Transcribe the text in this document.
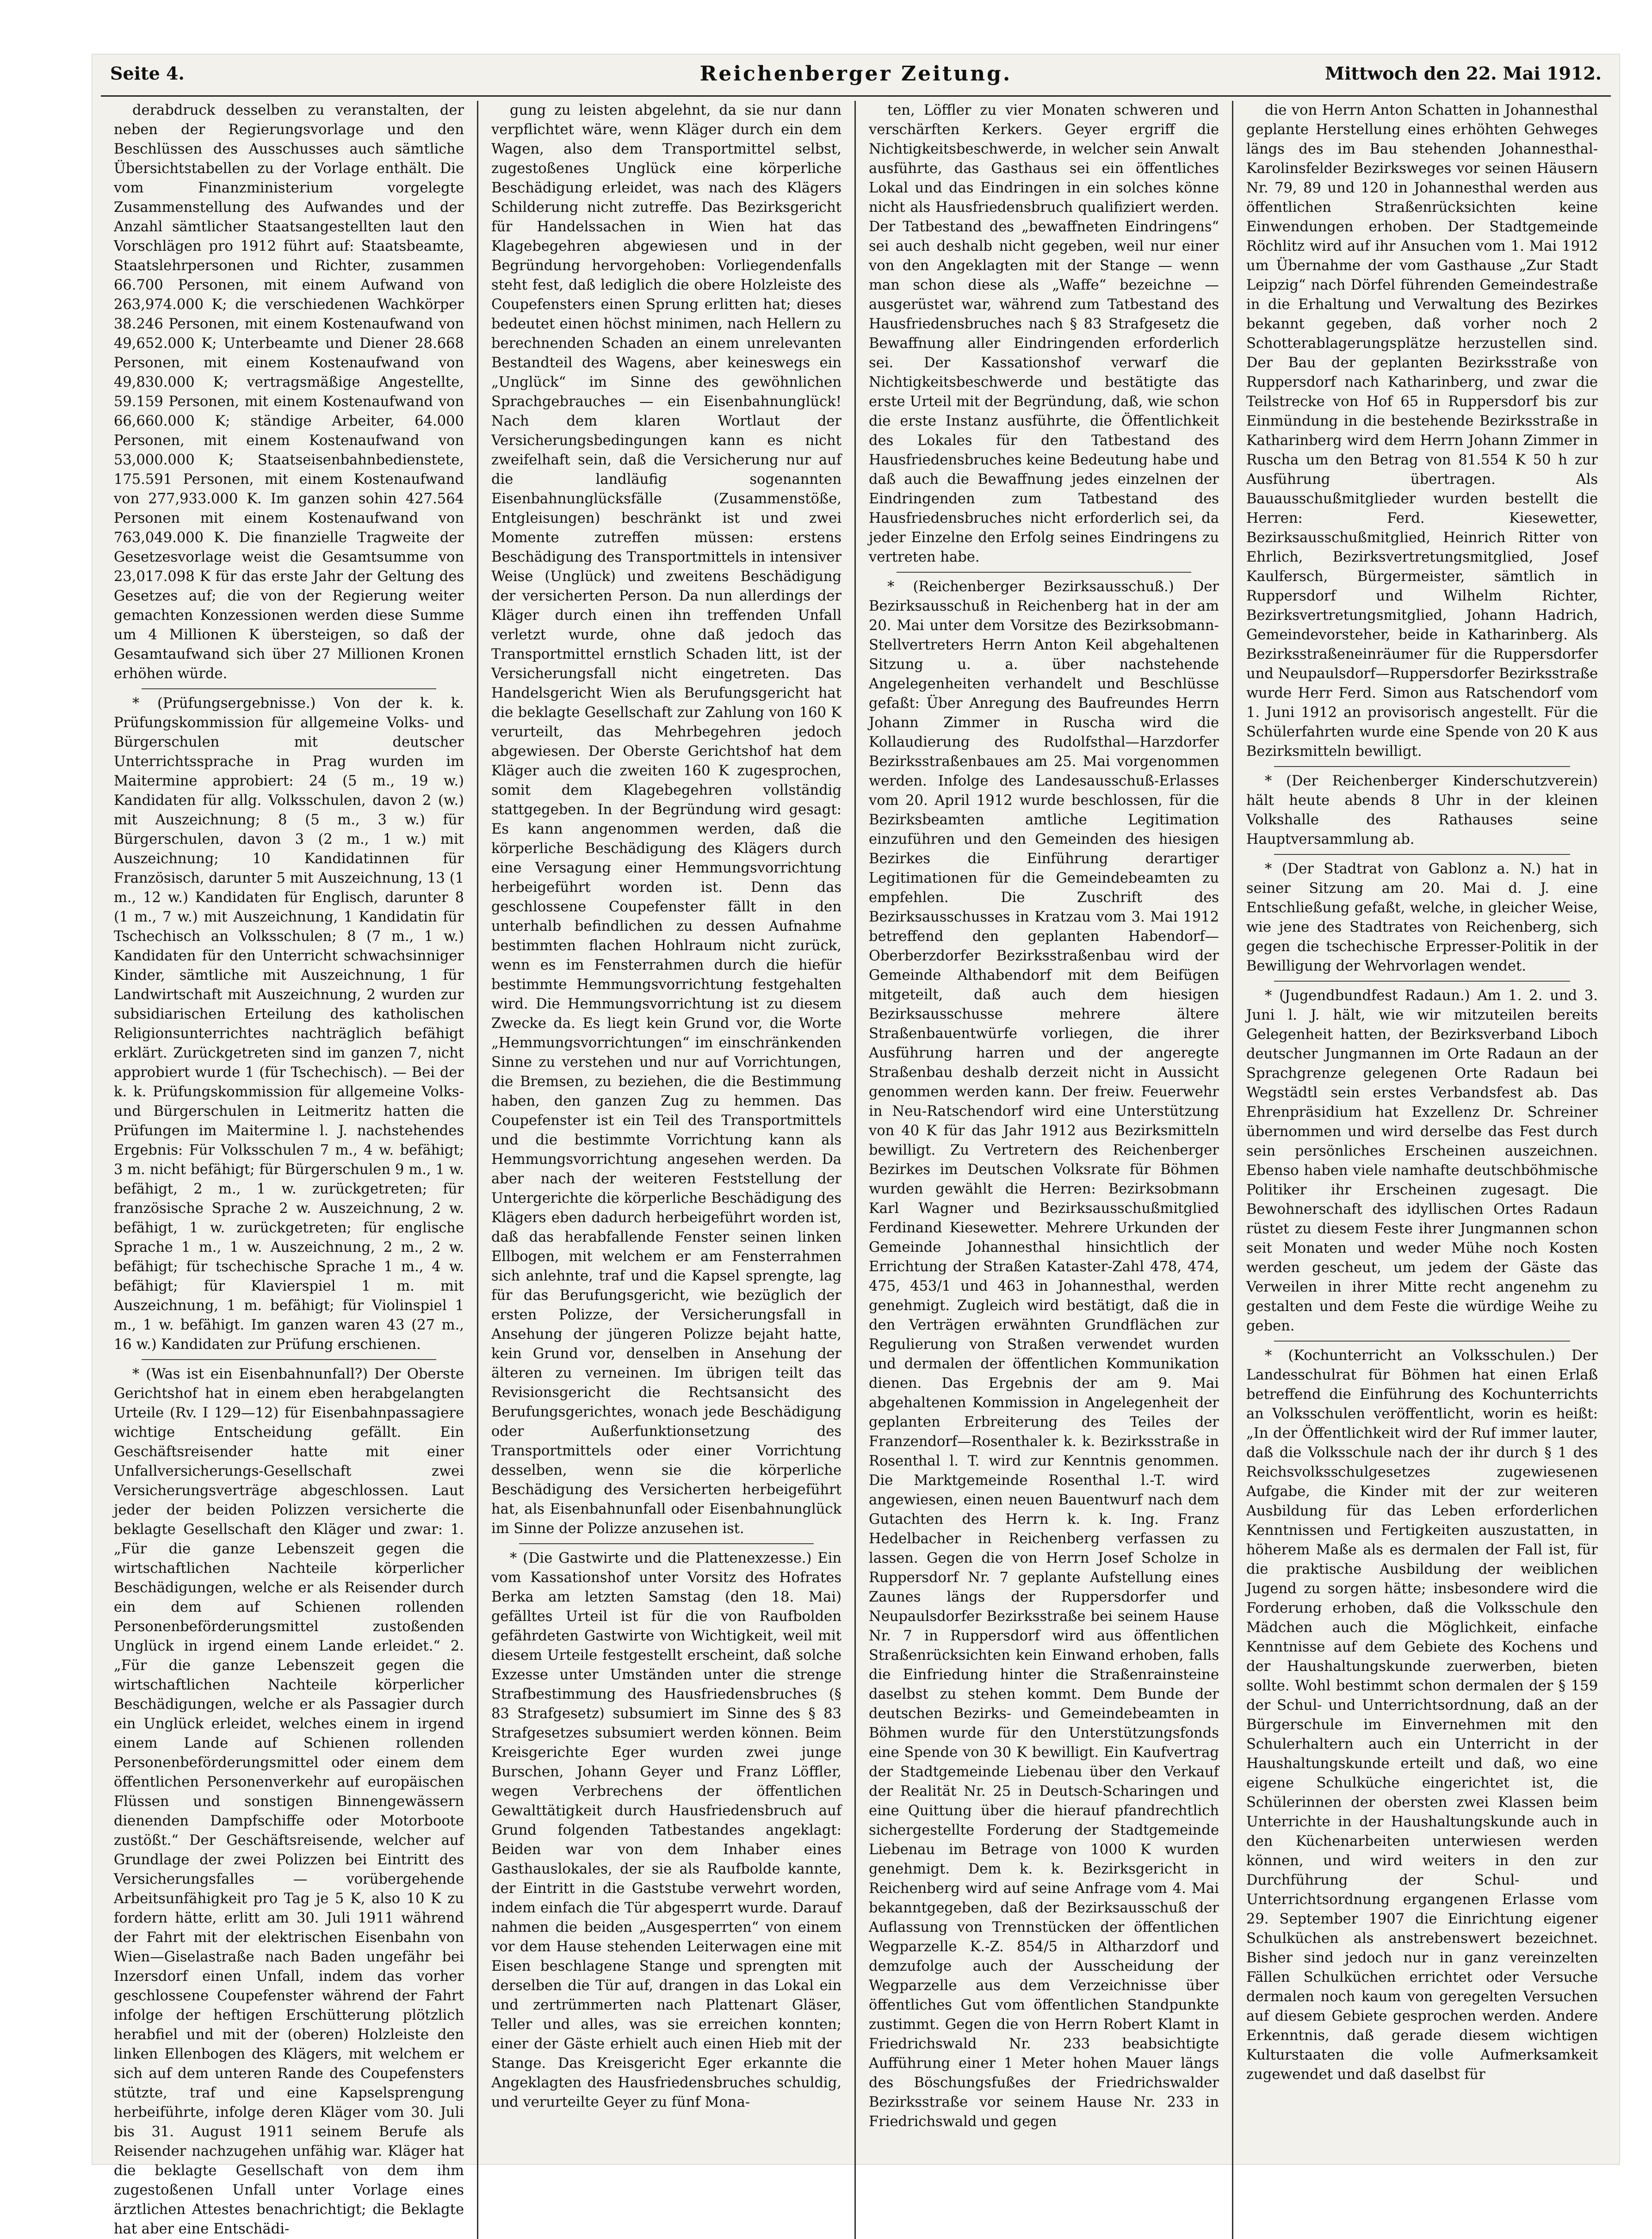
Seite 4.	Reichenberger Zeitung.	Mittwoch den 22. Mai 1912.

derabdruck desselben zu veranstalten, der neben der Regierungsvorlage und den Beschlüssen des Ausschusses auch sämtliche Übersichtstabellen zu der Vorlage enthält. Die vom Finanzministerium vorgelegte Zusammenstellung des Aufwandes und der Anzahl sämtlicher Staatsangestellten laut den Vorschlägen pro 1912 führt auf: Staatsbeamte, Staatslehrpersonen und Richter, zusammen 66.700 Personen, mit einem Aufwand von 263,974.000 K; die verschiedenen Wachkörper 38.246 Personen, mit einem Kostenaufwand von 49,652.000 K; Unterbeamte und Diener 28.668 Personen, mit einem Kostenaufwand von 49,830.000 K; vertragsmäßige Angestellte, 59.159 Personen, mit einem Kostenaufwand von 66,660.000 K; ständige Arbeiter, 64.000 Personen, mit einem Kostenaufwand von 53,000.000 K; Staatseisenbahnbedienstete, 175.591 Personen, mit einem Kostenaufwand von 277,933.000 K. Im ganzen sohin 427.564 Personen mit einem Kostenaufwand von 763,049.000 K. Die finanzielle Tragweite der Gesetzesvorlage weist die Gesamtsumme von 23,017.098 K für das erste Jahr der Geltung des Gesetzes auf; die von der Regierung weiter gemachten Konzessionen werden diese Summe um 4 Millionen K übersteigen, so daß der Gesamtaufwand sich über 27 Millionen Kronen erhöhen würde.

* (Prüfungsergebnisse.) Von der k. k. Prüfungskommission für allgemeine Volks- und Bürgerschulen mit deutscher Unterrichtssprache in Prag wurden im Maitermine approbiert: 24 (5 m., 19 w.) Kandidaten für allg. Volksschulen, davon 2 (w.) mit Auszeichnung; 8 (5 m., 3 w.) für Bürgerschulen, davon 3 (2 m., 1 w.) mit Auszeichnung; 10 Kandidatinnen für Französisch, darunter 5 mit Auszeichnung, 13 (1 m., 12 w.) Kandidaten für Englisch, darunter 8 (1 m., 7 w.) mit Auszeichnung, 1 Kandidatin für Tschechisch an Volksschulen; 8 (7 m., 1 w.) Kandidaten für den Unterricht schwachsinniger Kinder, sämtliche mit Auszeichnung, 1 für Landwirtschaft mit Auszeichnung, 2 wurden zur subsidiarischen Erteilung des katholischen Religionsunterrichtes nachträglich befähigt erklärt. Zurückgetreten sind im ganzen 7, nicht approbiert wurde 1 (für Tschechisch). — Bei der k. k. Prüfungskommission für allgemeine Volks- und Bürgerschulen in Leitmeritz hatten die Prüfungen im Maitermine l. J. nachstehendes Ergebnis: Für Volksschulen 7 m., 4 w. befähigt; 3 m. nicht befähigt; für Bürgerschulen 9 m., 1 w. befähigt, 2 m., 1 w. zurückgetreten; für französische Sprache 2 w. Auszeichnung, 2 w. befähigt, 1 w. zurückgetreten; für englische Sprache 1 m., 1 w. Auszeichnung, 2 m., 2 w. befähigt; für tschechische Sprache 1 m., 4 w. befähigt; für Klavierspiel 1 m. mit Auszeichnung, 1 m. befähigt; für Violinspiel 1 m., 1 w. befähigt. Im ganzen waren 43 (27 m., 16 w.) Kandidaten zur Prüfung erschienen.

* (Was ist ein Eisenbahnunfall?) Der Oberste Gerichtshof hat in einem eben herabgelangten Urteile (Rv. I 129—12) für Eisenbahnpassagiere wichtige Entscheidung gefällt. Ein Geschäftsreisender hatte mit einer Unfallversicherungs-Gesellschaft zwei Versicherungsverträge abgeschlossen. Laut jeder der beiden Polizzen versicherte die beklagte Gesellschaft den Kläger und zwar: 1. „Für die ganze Lebenszeit gegen die wirtschaftlichen Nachteile körperlicher Beschädigungen, welche er als Reisender durch ein dem auf Schienen rollenden Personenbeförderungsmittel zustoßenden Unglück in irgend einem Lande erleidet.“ 2. „Für die ganze Lebenszeit gegen die wirtschaftlichen Nachteile körperlicher Beschädigungen, welche er als Passagier durch ein Unglück erleidet, welches einem in irgend einem Lande auf Schienen rollenden Personenbeförderungsmittel oder einem dem öffentlichen Personenverkehr auf europäischen Flüssen und sonstigen Binnengewässern dienenden Dampfschiffe oder Motorboote zustößt.“ Der Geschäftsreisende, welcher auf Grundlage der zwei Polizzen bei Eintritt des Versicherungsfalles — vorübergehende Arbeitsunfähigkeit pro Tag je 5 K, also 10 K zu fordern hätte, erlitt am 30. Juli 1911 während der Fahrt mit der elektrischen Eisenbahn von Wien—Giselastraße nach Baden ungefähr bei Inzersdorf einen Unfall, indem das vorher geschlossene Coupefenster während der Fahrt infolge der heftigen Erschütterung plötzlich herabfiel und mit der (oberen) Holzleiste den linken Ellenbogen des Klägers, mit welchem er sich auf dem unteren Rande des Coupefensters stützte, traf und eine Kapselsprengung herbeiführte, infolge deren Kläger vom 30. Juli bis 31. August 1911 seinem Berufe als Reisender nachzugehen unfähig war. Kläger hat die beklagte Gesellschaft von dem ihm zugestoßenen Unfall unter Vorlage eines ärztlichen Attestes benachrichtigt; die Beklagte hat aber eine Entschädi-

gung zu leisten abgelehnt, da sie nur dann verpflichtet wäre, wenn Kläger durch ein dem Wagen, also dem Transportmittel selbst, zugestoßenes Unglück eine körperliche Beschädigung erleidet, was nach des Klägers Schilderung nicht zutreffe. Das Bezirksgericht für Handelssachen in Wien hat das Klagebegehren abgewiesen und in der Begründung hervorgehoben: Vorliegendenfalls steht fest, daß lediglich die obere Holzleiste des Coupefensters einen Sprung erlitten hat; dieses bedeutet einen höchst minimen, nach Hellern zu berechnenden Schaden an einem unrelevanten Bestandteil des Wagens, aber keineswegs ein „Unglück“ im Sinne des gewöhnlichen Sprachgebrauches — ein Eisenbahnunglück! Nach dem klaren Wortlaut der Versicherungsbedingungen kann es nicht zweifelhaft sein, daß die Versicherung nur auf die landläufig sogenannten Eisenbahnunglücksfälle (Zusammenstöße, Entgleisungen) beschränkt ist und zwei Momente zutreffen müssen: erstens Beschädigung des Transportmittels in intensiver Weise (Unglück) und zweitens Beschädigung der versicherten Person. Da nun allerdings der Kläger durch einen ihn treffenden Unfall verletzt wurde, ohne daß jedoch das Transportmittel ernstlich Schaden litt, ist der Versicherungsfall nicht eingetreten. Das Handelsgericht Wien als Berufungsgericht hat die beklagte Gesellschaft zur Zahlung von 160 K verurteilt, das Mehrbegehren jedoch abgewiesen. Der Oberste Gerichtshof hat dem Kläger auch die zweiten 160 K zugesprochen, somit dem Klagebegehren vollständig stattgegeben. In der Begründung wird gesagt: Es kann angenommen werden, daß die körperliche Beschädigung des Klägers durch eine Versagung einer Hemmungsvorrichtung herbeigeführt worden ist. Denn das geschlossene Coupefenster fällt in den unterhalb befindlichen zu dessen Aufnahme bestimmten flachen Hohlraum nicht zurück, wenn es im Fensterrahmen durch die hiefür bestimmte Hemmungsvorrichtung festgehalten wird. Die Hemmungsvorrichtung ist zu diesem Zwecke da. Es liegt kein Grund vor, die Worte „Hemmungsvorrichtungen“ im einschränkenden Sinne zu verstehen und nur auf Vorrichtungen, die Bremsen, zu beziehen, die die Bestimmung haben, den ganzen Zug zu hemmen. Das Coupefenster ist ein Teil des Transportmittels und die bestimmte Vorrichtung kann als Hemmungsvorrichtung angesehen werden. Da aber nach der weiteren Feststellung der Untergerichte die körperliche Beschädigung des Klägers eben dadurch herbeigeführt worden ist, daß das herabfallende Fenster seinen linken Ellbogen, mit welchem er am Fensterrahmen sich anlehnte, traf und die Kapsel sprengte, lag für das Berufungsgericht, wie bezüglich der ersten Polizze, der Versicherungsfall in Ansehung der jüngeren Polizze bejaht hatte, kein Grund vor, denselben in Ansehung der älteren zu verneinen. Im übrigen teilt das Revisionsgericht die Rechtsansicht des Berufungsgerichtes, wonach jede Beschädigung oder Außerfunktionsetzung des Transportmittels oder einer Vorrichtung desselben, wenn sie die körperliche Beschädigung des Versicherten herbeigeführt hat, als Eisenbahnunfall oder Eisenbahnunglück im Sinne der Polizze anzusehen ist.

* (Die Gastwirte und die Plattenexzesse.) Ein vom Kassationshof unter Vorsitz des Hofrates Berka am letzten Samstag (den 18. Mai) gefälltes Urteil ist für die von Raufbolden gefährdeten Gastwirte von Wichtigkeit, weil mit diesem Urteile festgestellt erscheint, daß solche Exzesse unter Umständen unter die strenge Strafbestimmung des Hausfriedensbruches (§ 83 Strafgesetz) subsumiert im Sinne des § 83 Strafgesetzes subsumiert werden können. Beim Kreisgerichte Eger wurden zwei junge Burschen, Johann Geyer und Franz Löffler, wegen Verbrechens der öffentlichen Gewalttätigkeit durch Hausfriedensbruch auf Grund folgenden Tatbestandes angeklagt: Beiden war von dem Inhaber eines Gasthauslokales, der sie als Raufbolde kannte, der Eintritt in die Gaststube verwehrt worden, indem einfach die Tür abgesperrt wurde. Darauf nahmen die beiden „Ausgesperrten“ von einem vor dem Hause stehenden Leiterwagen eine mit Eisen beschlagene Stange und sprengten mit derselben die Tür auf, drangen in das Lokal ein und zertrümmerten nach Plattenart Gläser, Teller und alles, was sie erreichen konnten; einer der Gäste erhielt auch einen Hieb mit der Stange. Das Kreisgericht Eger erkannte die Angeklagten des Hausfriedensbruches schuldig, und verurteilte Geyer zu fünf Mona-

ten, Löffler zu vier Monaten schweren und verschärften Kerkers. Geyer ergriff die Nichtigkeitsbeschwerde, in welcher sein Anwalt ausführte, das Gasthaus sei ein öffentliches Lokal und das Eindringen in ein solches könne nicht als Hausfriedensbruch qualifiziert werden. Der Tatbestand des „bewaffneten Eindringens“ sei auch deshalb nicht gegeben, weil nur einer von den Angeklagten mit der Stange — wenn man schon diese als „Waffe“ bezeichne — ausgerüstet war, während zum Tatbestand des Hausfriedensbruches nach § 83 Strafgesetz die Bewaffnung aller Eindringenden erforderlich sei. Der Kassationshof verwarf die Nichtigkeitsbeschwerde und bestätigte das erste Urteil mit der Begründung, daß, wie schon die erste Instanz ausführte, die Öffentlichkeit des Lokales für den Tatbestand des Hausfriedensbruches keine Bedeutung habe und daß auch die Bewaffnung jedes einzelnen der Eindringenden zum Tatbestand des Hausfriedensbruches nicht erforderlich sei, da jeder Einzelne den Erfolg seines Eindringens zu vertreten habe.

* (Reichenberger Bezirksausschuß.) Der Bezirksausschuß in Reichenberg hat in der am 20. Mai unter dem Vorsitze des Bezirksobmann-Stellvertreters Herrn Anton Keil abgehaltenen Sitzung u. a. über nachstehende Angelegenheiten verhandelt und Beschlüsse gefaßt: Über Anregung des Baufreundes Herrn Johann Zimmer in Ruscha wird die Kollaudierung des Rudolfsthal—Harzdorfer Bezirksstraßenbaues am 25. Mai vorgenommen werden. Infolge des Landesausschuß-Erlasses vom 20. April 1912 wurde beschlossen, für die Bezirksbeamten amtliche Legitimation einzuführen und den Gemeinden des hiesigen Bezirkes die Einführung derartiger Legitimationen für die Gemeindebeamten zu empfehlen. Die Zuschrift des Bezirksausschusses in Kratzau vom 3. Mai 1912 betreffend den geplanten Habendorf—Oberberzdorfer Bezirksstraßenbau wird der Gemeinde Althabendorf mit dem Beifügen mitgeteilt, daß auch dem hiesigen Bezirksausschusse mehrere ältere Straßenbauentwürfe vorliegen, die ihrer Ausführung harren und der angeregte Straßenbau deshalb derzeit nicht in Aussicht genommen werden kann. Der freiw. Feuerwehr in Neu-Ratschendorf wird eine Unterstützung von 40 K für das Jahr 1912 aus Bezirksmitteln bewilligt. Zu Vertretern des Reichenberger Bezirkes im Deutschen Volksrate für Böhmen wurden gewählt die Herren: Bezirksobmann Karl Wagner und Bezirksausschußmitglied Ferdinand Kiesewetter. Mehrere Urkunden der Gemeinde Johannesthal hinsichtlich der Errichtung der Straßen Kataster-Zahl 478, 474, 475, 453/1 und 463 in Johannesthal, werden genehmigt. Zugleich wird bestätigt, daß die in den Verträgen erwähnten Grundflächen zur Regulierung von Straßen verwendet wurden und dermalen der öffentlichen Kommunikation dienen. Das Ergebnis der am 9. Mai abgehaltenen Kommission in Angelegenheit der geplanten Erbreiterung des Teiles der Franzendorf—Rosenthaler k. k. Bezirksstraße in Rosenthal l. T. wird zur Kenntnis genommen. Die Marktgemeinde Rosenthal l.-T. wird angewiesen, einen neuen Bauentwurf nach dem Gutachten des Herrn k. k. Ing. Franz Hedelbacher in Reichenberg verfassen zu lassen. Gegen die von Herrn Josef Scholze in Ruppersdorf Nr. 7 geplante Aufstellung eines Zaunes längs der Ruppersdorfer und Neupaulsdorfer Bezirksstraße bei seinem Hause Nr. 7 in Ruppersdorf wird aus öffentlichen Straßenrücksichten kein Einwand erhoben, falls die Einfriedung hinter die Straßenrainsteine daselbst zu stehen kommt. Dem Bunde der deutschen Bezirks- und Gemeindebeamten in Böhmen wurde für den Unterstützungsfonds eine Spende von 30 K bewilligt. Ein Kaufvertrag der Stadtgemeinde Liebenau über den Verkauf der Realität Nr. 25 in Deutsch-Scharingen und eine Quittung über die hierauf pfandrechtlich sichergestellte Forderung der Stadtgemeinde Liebenau im Betrage von 1000 K wurden genehmigt. Dem k. k. Bezirksgericht in Reichenberg wird auf seine Anfrage vom 4. Mai bekanntgegeben, daß der Bezirksausschuß der Auflassung von Trennstücken der öffentlichen Wegparzelle K.-Z. 854/5 in Altharzdorf und demzufolge auch der Ausscheidung der Wegparzelle aus dem Verzeichnisse über öffentliches Gut vom öffentlichen Standpunkte zustimmt. Gegen die von Herrn Robert Klamt in Friedrichswald Nr. 233 beabsichtigte Aufführung einer 1 Meter hohen Mauer längs des Böschungsfußes der Friedrichswalder Bezirksstraße vor seinem Hause Nr. 233 in Friedrichswald und gegen

die von Herrn Anton Schatten in Johannesthal geplante Herstellung eines erhöhten Gehweges längs des im Bau stehenden Johannesthal-Karolinsfelder Bezirksweges vor seinen Häusern Nr. 79, 89 und 120 in Johannesthal werden aus öffentlichen Straßenrücksichten keine Einwendungen erhoben. Der Stadtgemeinde Röchlitz wird auf ihr Ansuchen vom 1. Mai 1912 um Übernahme der vom Gasthause „Zur Stadt Leipzig“ nach Dörfel führenden Gemeindestraße in die Erhaltung und Verwaltung des Bezirkes bekannt gegeben, daß vorher noch 2 Schotterablagerungsplätze herzustellen sind. Der Bau der geplanten Bezirksstraße von Ruppersdorf nach Katharinberg, und zwar die Teilstrecke von Hof 65 in Ruppersdorf bis zur Einmündung in die bestehende Bezirksstraße in Katharinberg wird dem Herrn Johann Zimmer in Ruscha um den Betrag von 81.554 K 50 h zur Ausführung übertragen. Als Bauausschußmitglieder wurden bestellt die Herren: Ferd. Kiesewetter, Bezirksausschußmitglied, Heinrich Ritter von Ehrlich, Bezirksvertretungsmitglied, Josef Kaulfersch, Bürgermeister, sämtlich in Ruppersdorf und Wilhelm Richter, Bezirksvertretungsmitglied, Johann Hadrich, Gemeindevorsteher, beide in Katharinberg. Als Bezirksstraßeneinräumer für die Ruppersdorfer und Neupaulsdorf—Ruppersdorfer Bezirksstraße wurde Herr Ferd. Simon aus Ratschendorf vom 1. Juni 1912 an provisorisch angestellt. Für die Schülerfahrten wurde eine Spende von 20 K aus Bezirksmitteln bewilligt.

* (Der Reichenberger Kinderschutzverein) hält heute abends 8 Uhr in der kleinen Volkshalle des Rathauses seine Hauptversammlung ab.

* (Der Stadtrat von Gablonz a. N.) hat in seiner Sitzung am 20. Mai d. J. eine Entschließung gefaßt, welche, in gleicher Weise, wie jene des Stadtrates von Reichenberg, sich gegen die tschechische Erpresser-Politik in der Bewilligung der Wehrvorlagen wendet.

* (Jugendbundfest Radaun.) Am 1. 2. und 3. Juni l. J. hält, wie wir mitzuteilen bereits Gelegenheit hatten, der Bezirksverband Liboch deutscher Jungmannen im Orte Radaun an der Sprachgrenze gelegenen Orte Radaun bei Wegstädtl sein erstes Verbandsfest ab. Das Ehrenpräsidium hat Exzellenz Dr. Schreiner übernommen und wird derselbe das Fest durch sein persönliches Erscheinen auszeichnen. Ebenso haben viele namhafte deutschböhmische Politiker ihr Erscheinen zugesagt. Die Bewohnerschaft des idyllischen Ortes Radaun rüstet zu diesem Feste ihrer Jungmannen schon seit Monaten und weder Mühe noch Kosten werden gescheut, um jedem der Gäste das Verweilen in ihrer Mitte recht angenehm zu gestalten und dem Feste die würdige Weihe zu geben.

* (Kochunterricht an Volksschulen.) Der Landesschulrat für Böhmen hat einen Erlaß betreffend die Einführung des Kochunterrichts an Volksschulen veröffentlicht, worin es heißt: „In der Öffentlichkeit wird der Ruf immer lauter, daß die Volksschule nach der ihr durch § 1 des Reichsvolksschulgesetzes zugewiesenen Aufgabe, die Kinder mit der zur weiteren Ausbildung für das Leben erforderlichen Kenntnissen und Fertigkeiten auszustatten, in höherem Maße als es dermalen der Fall ist, für die praktische Ausbildung der weiblichen Jugend zu sorgen hätte; insbesondere wird die Forderung erhoben, daß die Volksschule den Mädchen auch die Möglichkeit, einfache Kenntnisse auf dem Gebiete des Kochens und der Haushaltungskunde zuerwerben, bieten sollte. Wohl bestimmt schon dermalen der § 159 der Schul- und Unterrichtsordnung, daß an der Bürgerschule im Einvernehmen mit den Schulerhaltern auch ein Unterricht in der Haushaltungskunde erteilt und daß, wo eine eigene Schulküche eingerichtet ist, die Schülerinnen der obersten zwei Klassen beim Unterrichte in der Haushaltungskunde auch in den Küchenarbeiten unterwiesen werden können, und wird weiters in den zur Durchführung der Schul- und Unterrichtsordnung ergangenen Erlasse vom 29. September 1907 die Einrichtung eigener Schulküchen als anstrebenswert bezeichnet. Bisher sind jedoch nur in ganz vereinzelten Fällen Schulküchen errichtet oder Versuche dermalen noch kaum von geregelten Versuchen auf diesem Gebiete gesprochen werden. Andere Erkenntnis, daß gerade diesem wichtigen Kulturstaaten die volle Aufmerksamkeit zugewendet und daß daselbst für
